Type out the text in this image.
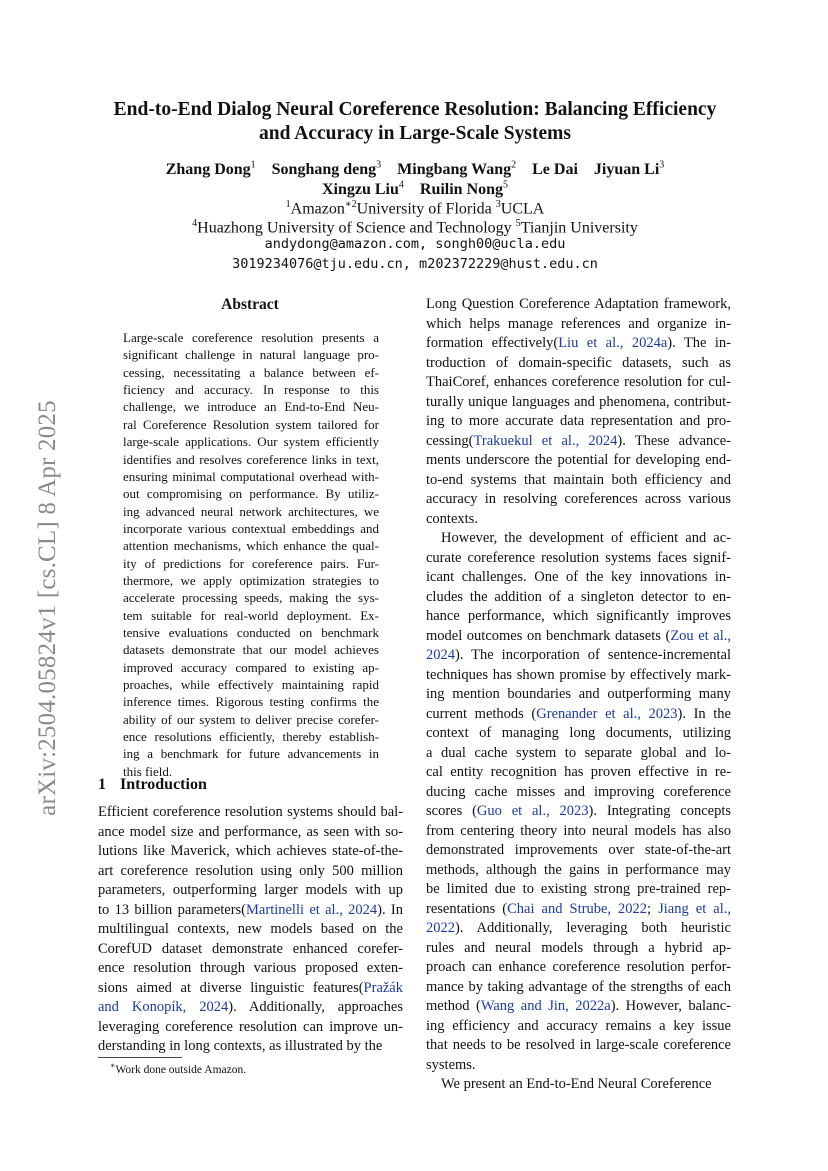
arXiv:2504.05824v1 [cs.CL] 8 Apr 2025
End-to-End Dialog Neural Coreference Resolution: Balancing Efficiency
and Accuracy in Large-Scale Systems
Zhang Dong$^1$ Songhang deng$^3$ Mingbang Wang$^2$ Le Dai Jiyuan Li$^3$
Xingzu Liu$^4$ Ruilin Nong$^5$
$^1$Amazon$^{∗2}$University of Florida $^3$UCLA
$^4$Huazhong University of Science and Technology $^5$Tianjin University
andydong@amazon.com, songh00@ucla.edu
3019234076@tju.edu.cn, m202372229@hust.edu.cn
Abstract
Large-scale coreference resolution presents a
significant challenge in natural language pro-
cessing, necessitating a balance between ef-
ficiency and accuracy. In response to this
challenge, we introduce an End-to-End Neu-
ral Coreference Resolution system tailored for
large-scale applications. Our system efficiently
identifies and resolves coreference links in text,
ensuring minimal computational overhead with-
out compromising on performance. By utiliz-
ing advanced neural network architectures, we
incorporate various contextual embeddings and
attention mechanisms, which enhance the qual-
ity of predictions for coreference pairs. Fur-
thermore, we apply optimization strategies to
accelerate processing speeds, making the sys-
tem suitable for real-world deployment. Ex-
tensive evaluations conducted on benchmark
datasets demonstrate that our model achieves
improved accuracy compared to existing ap-
proaches, while effectively maintaining rapid
inference times. Rigorous testing confirms the
ability of our system to deliver precise corefer-
ence resolutions efficiently, thereby establish-
ing a benchmark for future advancements in
this field.
1 Introduction
Efficient coreference resolution systems should bal-
ance model size and performance, as seen with so-
lutions like Maverick, which achieves state-of-the-
art coreference resolution using only 500 million
parameters, outperforming larger models with up
to 13 billion parameters(Martinelli et al., 2024). In
multilingual contexts, new models based on the
CorefUD dataset demonstrate enhanced corefer-
ence resolution through various proposed exten-
sions aimed at diverse linguistic features(Pražák
and Konopík, 2024). Additionally, approaches
leveraging coreference resolution can improve un-
derstanding in long contexts, as illustrated by the
Long Question Coreference Adaptation framework,
which helps manage references and organize in-
formation effectively(Liu et al., 2024a). The in-
troduction of domain-specific datasets, such as
ThaiCoref, enhances coreference resolution for cul-
turally unique languages and phenomena, contribut-
ing to more accurate data representation and pro-
cessing(Trakuekul et al., 2024). These advance-
ments underscore the potential for developing end-
to-end systems that maintain both efficiency and
accuracy in resolving coreferences across various
contexts.
However, the development of efficient and ac-
curate coreference resolution systems faces signif-
icant challenges. One of the key innovations in-
cludes the addition of a singleton detector to en-
hance performance, which significantly improves
model outcomes on benchmark datasets (Zou et al.,
2024). The incorporation of sentence-incremental
techniques has shown promise by effectively mark-
ing mention boundaries and outperforming many
current methods (Grenander et al., 2023). In the
context of managing long documents, utilizing
a dual cache system to separate global and lo-
cal entity recognition has proven effective in re-
ducing cache misses and improving coreference
scores (Guo et al., 2023). Integrating concepts
from centering theory into neural models has also
demonstrated improvements over state-of-the-art
methods, although the gains in performance may
be limited due to existing strong pre-trained rep-
resentations (Chai and Strube, 2022; Jiang et al.,
2022). Additionally, leveraging both heuristic
rules and neural models through a hybrid ap-
proach can enhance coreference resolution perfor-
mance by taking advantage of the strengths of each
method (Wang and Jin, 2022a). However, balanc-
ing efficiency and accuracy remains a key issue
that needs to be resolved in large-scale coreference
systems.
We present an End-to-End Neural Coreference
∗Work done outside Amazon.
